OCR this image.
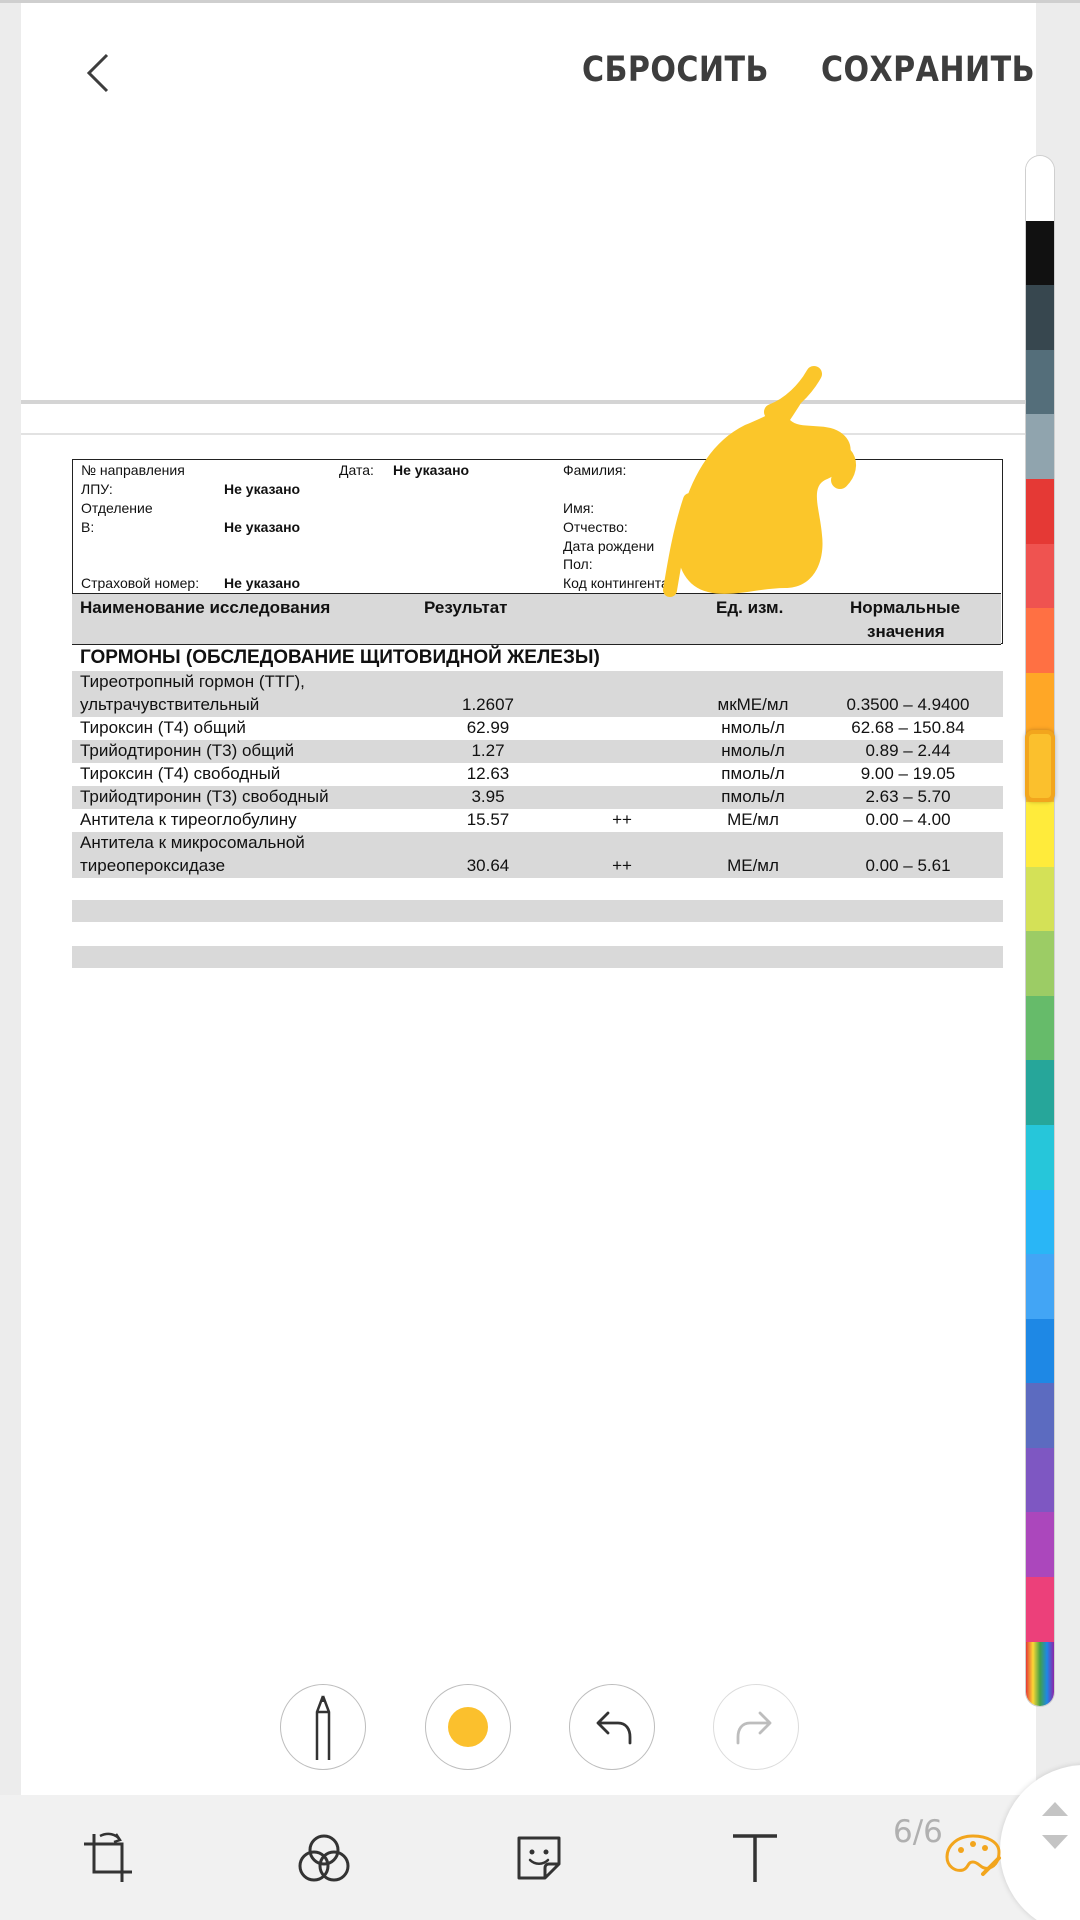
СБРОСИТЬ СОХРАНИТЬ
№ направления
ЛПУ:	Не указано
Отделение
В:	Не указано
Страховой номер: Не указано
Дата: Не указано	Фамилия:
Имя:
Отчество:
Дата рождени
Пол:
Код контингента
Наименование исследования	Результат	Ед. изм.	Нормальные
значения
ГОРМОНЫ (ОБСЛЕДОВАНИЕ ЩИТОВИДНОЙ ЖЕЛЕЗЫ)
Тиреотропный гормон (ТТГ),
ультрачувствительный	1.2607	мкМЕ/мл	0.3500 – 4.9400
Тироксин (Т4) общий	62.99	нмоль/л	62.68 – 150.84
Трийодтиронин (Т3) общий	1.27	нмоль/л	0.89 – 2.44
Тироксин (Т4) свободный	12.63	пмоль/л	9.00 – 19.05
Трийодтиронин (Т3) свободный	3.95	пмоль/л	2.63 – 5.70
Антитела к тиреоглобулину	15.57	++	МЕ/мл	0.00 – 4.00
Антитела к микросомальной
тиреопероксидазе	30.64	++	МЕ/мл	0.00 – 5.61
6/6
